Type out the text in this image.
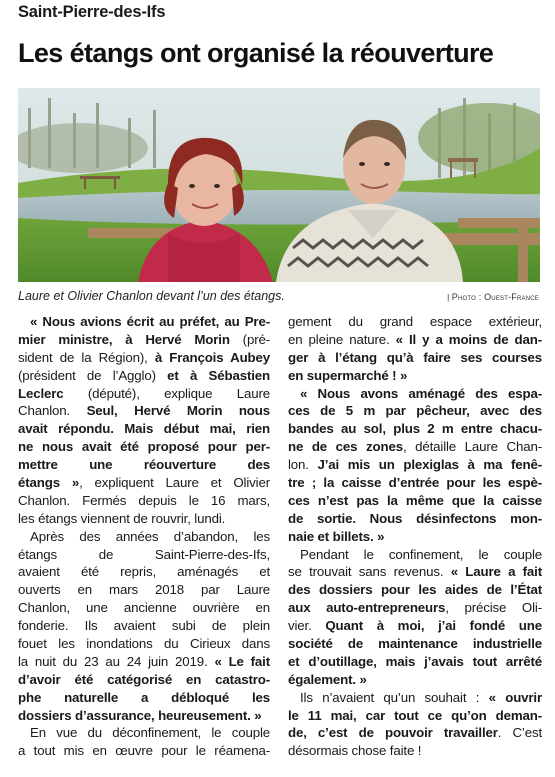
Saint-Pierre-des-Ifs
Les étangs ont organisé la réouverture
Laure et Olivier Chanlon devant l’un des étangs.	| Photo : Ouest-France
« Nous avions écrit au préfet, au Pre-
mier ministre, à Hervé Morin (pré-
sident de la Région), à François Aubey
(président de l’Agglo) et à Sébastien
Leclerc (député), explique Laure
Chanlon. Seul, Hervé Morin nous
avait répondu. Mais début mai, rien
ne nous avait été proposé pour per-
mettre une réouverture des
étangs », expliquent Laure et Olivier
Chanlon. Fermés depuis le 16 mars,
les étangs viennent de rouvrir, lundi.
Après des années d’abandon, les
étangs de Saint-Pierre-des-Ifs,
avaient été repris, aménagés et
ouverts en mars 2018 par Laure
Chanlon, une ancienne ouvrière en
fonderie. Ils avaient subi de plein
fouet les inondations du Cirieux dans
la nuit du 23 au 24 juin 2019. « Le fait
d’avoir été catégorisé en catastro-
phe naturelle a débloqué les
dossiers d’assurance, heureusement. »
En vue du déconfinement, le couple
a tout mis en œuvre pour le réamena-
gement du grand espace extérieur,
en pleine nature. « Il y a moins de dan-
ger à l’étang qu’à faire ses courses
en supermarché ! »
« Nous avons aménagé des espa-
ces de 5 m par pêcheur, avec des
bandes au sol, plus 2 m entre chacu-
ne de ces zones, détaille Laure Chan-
lon. J’ai mis un plexiglas à ma fenê-
tre ; la caisse d’entrée pour les espè-
ces n’est pas la même que la caisse
de sortie. Nous désinfectons mon-
naie et billets. »
Pendant le confinement, le couple
se trouvait sans revenus. « Laure a fait
des dossiers pour les aides de l’État
aux auto-entrepreneurs, précise Oli-
vier. Quant à moi, j’ai fondé une
société de maintenance industrielle
et d’outillage, mais j’avais tout arrêté
également. »
Ils n’avaient qu’un souhait : « ouvrir
le 11 mai, car tout ce qu’on deman-
de, c’est de pouvoir travailler. C’est
désormais chose faite !
